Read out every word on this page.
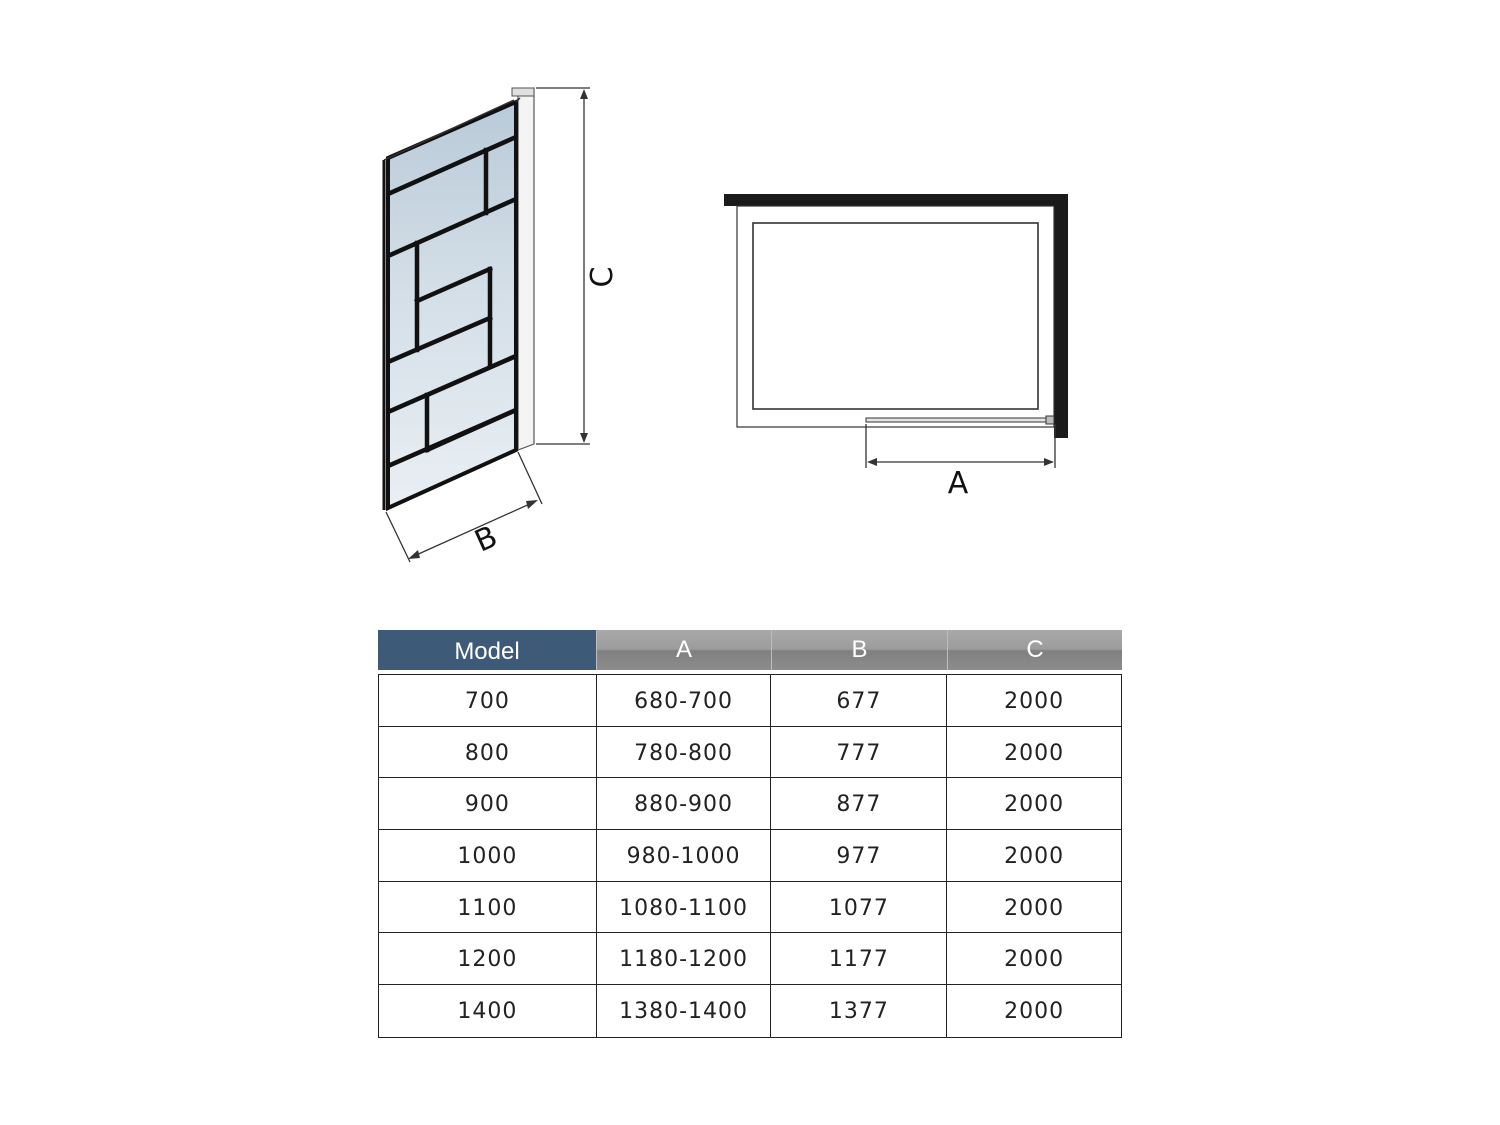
C
B
A
Model	A	B	C
700	680-700	677	2000
800	780-800	777	2000
900	880-900	877	2000
1000	980-1000	977	2000
1100	1080-1100	1077	2000
1200	1180-1200	1177	2000
1400	1380-1400	1377	2000
